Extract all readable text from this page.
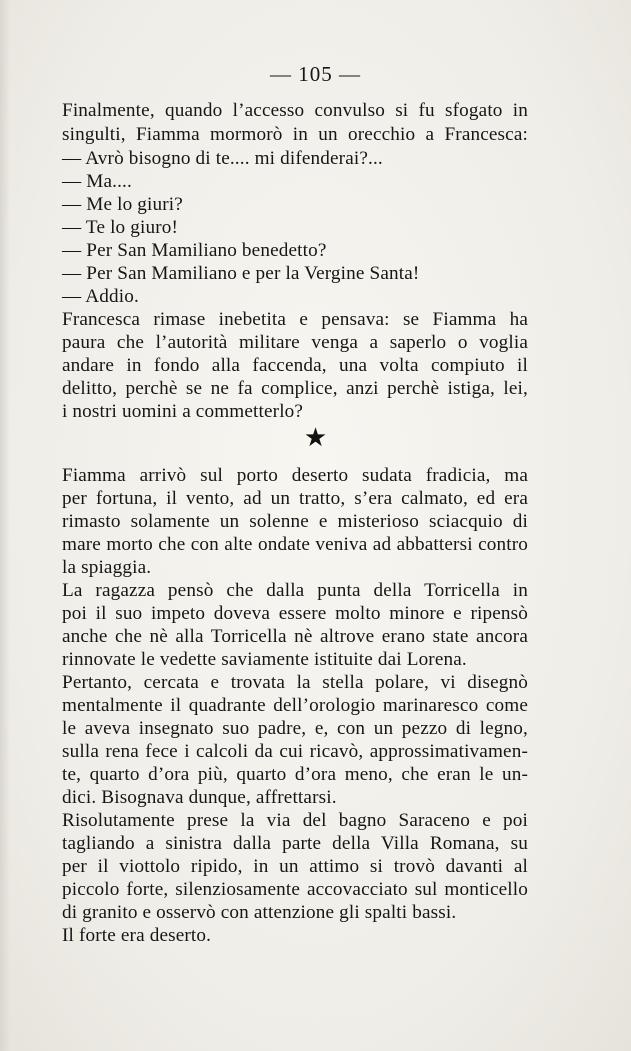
— 105 —
Finalmente, quando l’accesso convulso si fu sfogato in
singulti, Fiamma mormorò in un orecchio a Francesca:
— Avrò bisogno di te.... mi difenderai?...
— Ma....
— Me lo giuri?
— Te lo giuro!
— Per San Mamiliano benedetto?
— Per San Mamiliano e per la Vergine Santa!
— Addio.
Francesca rimase inebetita e pensava: se Fiamma ha
paura che l’autorità militare venga a saperlo o voglia
andare in fondo alla faccenda, una volta compiuto il
delitto, perchè se ne fa complice, anzi perchè istiga, lei,
i nostri uomini a commetterlo?
★
Fiamma arrivò sul porto deserto sudata fradicia, ma
per fortuna, il vento, ad un tratto, s’era calmato, ed era
rimasto solamente un solenne e misterioso sciacquio di
mare morto che con alte ondate veniva ad abbattersi contro
la spiaggia.
La ragazza pensò che dalla punta della Torricella in
poi il suo impeto doveva essere molto minore e ripensò
anche che nè alla Torricella nè altrove erano state ancora
rinnovate le vedette saviamente istituite dai Lorena.
Pertanto, cercata e trovata la stella polare, vi disegnò
mentalmente il quadrante dell’orologio marinaresco come
le aveva insegnato suo padre, e, con un pezzo di legno,
sulla rena fece i calcoli da cui ricavò, approssimativamen-
te, quarto d’ora più, quarto d’ora meno, che eran le un-
dici. Bisognava dunque, affrettarsi.
Risolutamente prese la via del bagno Saraceno e poi
tagliando a sinistra dalla parte della Villa Romana, su
per il viottolo ripido, in un attimo si trovò davanti al
piccolo forte, silenziosamente accovacciato sul monticello
di granito e osservò con attenzione gli spalti bassi.
Il forte era deserto.
